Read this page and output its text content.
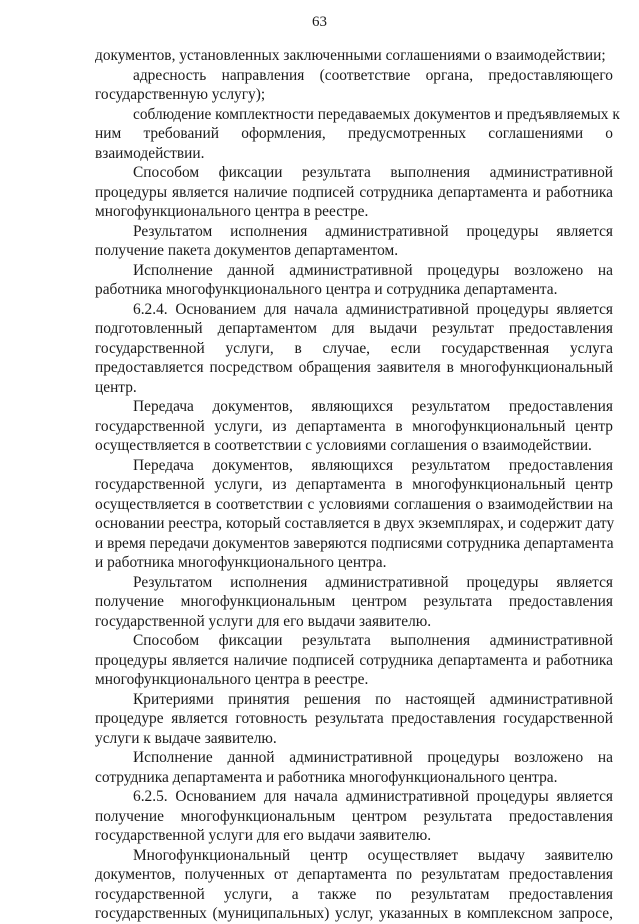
63

документов, установленных заключенными соглашениями о взаимодействии;

адресность направления (соответствие органа, предоставляющего
государственную услугу);

соблюдение комплектности передаваемых документов и предъявляемых к
ним требований оформления, предусмотренных соглашениями о
взаимодействии.

Способом фиксации результата выполнения административной
процедуры является наличие подписей сотрудника департамента и работника
многофункционального центра в реестре.

Результатом исполнения административной процедуры является
получение пакета документов департаментом.

Исполнение данной административной процедуры возложено на
работника многофункционального центра и сотрудника департамента.

6.2.4. Основанием для начала административной процедуры является
подготовленный департаментом для выдачи результат предоставления
государственной услуги, в случае, если государственная услуга
предоставляется посредством обращения заявителя в многофункциональный
центр.

Передача документов, являющихся результатом предоставления
государственной услуги, из департамента в многофункциональный центр
осуществляется в соответствии с условиями соглашения о взаимодействии.

Передача документов, являющихся результатом предоставления
государственной услуги, из департамента в многофункциональный центр
осуществляется в соответствии с условиями соглашения о взаимодействии на
основании реестра, который составляется в двух экземплярах, и содержит дату
и время передачи документов заверяются подписями сотрудника департамента
и работника многофункционального центра.

Результатом исполнения административной процедуры является
получение многофункциональным центром результата предоставления
государственной услуги для его выдачи заявителю.

Способом фиксации результата выполнения административной
процедуры является наличие подписей сотрудника департамента и работника
многофункционального центра в реестре.

Критериями принятия решения по настоящей административной
процедуре является готовность результата предоставления государственной
услуги к выдаче заявителю.

Исполнение данной административной процедуры возложено на
сотрудника департамента и работника многофункционального центра.

6.2.5. Основанием для начала административной процедуры является
получение многофункциональным центром результата предоставления
государственной услуги для его выдачи заявителю.

Многофункциональный центр осуществляет выдачу заявителю
документов, полученных от департамента по результатам предоставления
государственной услуги, а также по результатам предоставления
государственных (муниципальных) услуг, указанных в комплексном запросе,
